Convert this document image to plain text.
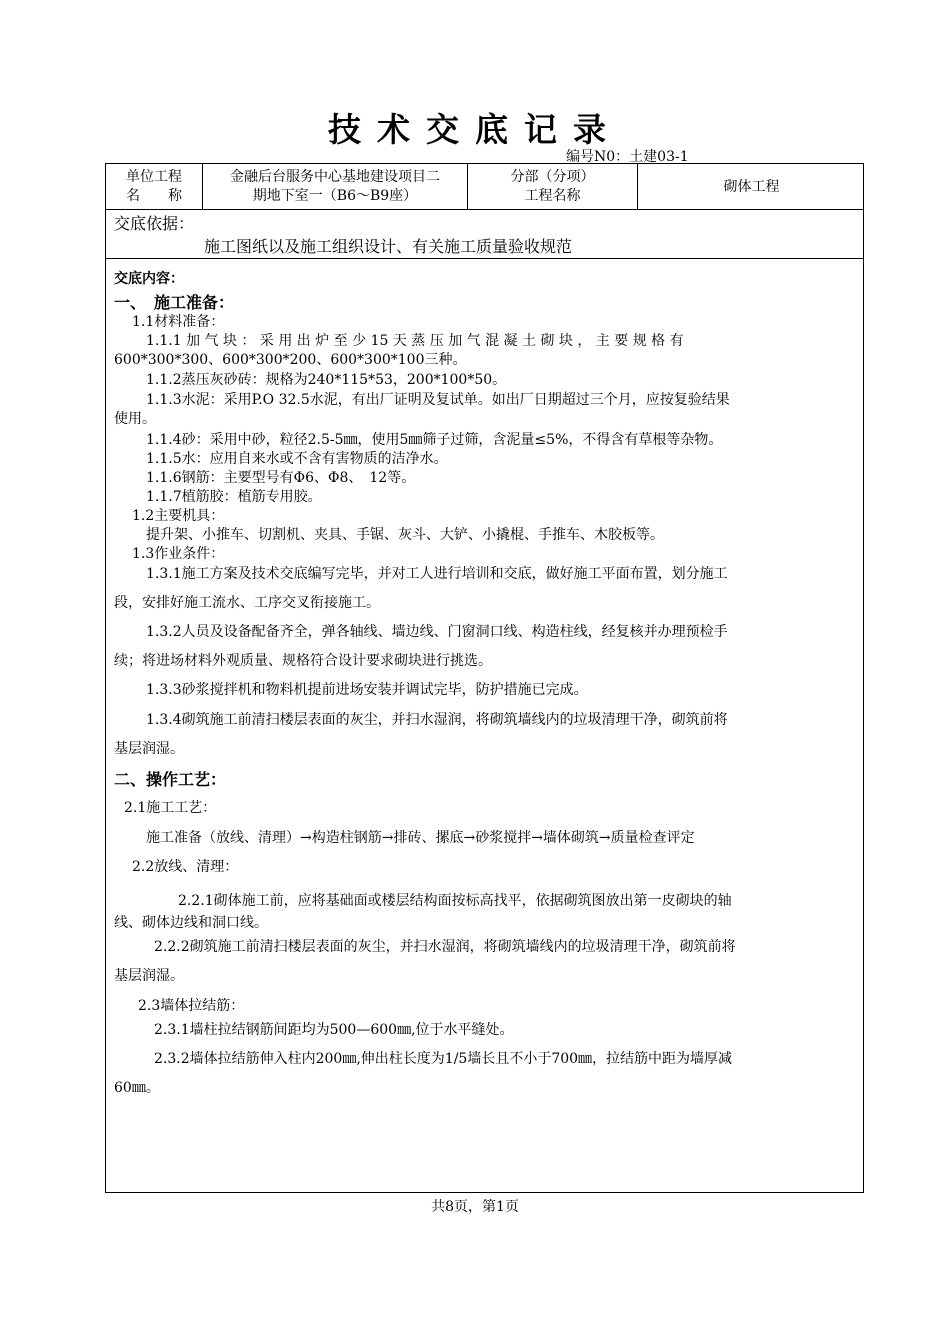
技术交底记录
编号N0：土建03-1
单位工程
名　　称
金融后台服务中心基地建设项目二
期地下室一（B6～B9座）
分部（分项）
工程名称
砌体工程
交底依据：
施工图纸以及施工组织设计、有关施工质量验收规范
交底内容：
一、　施工准备：
1.1材料准备：
1.1.1 加 气 块 ： 采 用 出 炉 至 少 15 天 蒸 压 加 气 混 凝 土 砌 块 ， 主 要 规 格 有
600*300*300、600*300*200、600*300*100三种。
1.1.2蒸压灰砂砖：规格为240*115*53，200*100*50。
1.1.3水泥：采用P.O 32.5水泥，有出厂证明及复试单。如出厂日期超过三个月，应按复验结果
使用。
1.1.4砂：采用中砂，粒径2.5-5㎜，使用5㎜筛子过筛，含泥量≤5%，不得含有草根等杂物。
1.1.5水：应用自来水或不含有害物质的洁净水。
1.1.6钢筋：主要型号有Φ6、Φ8、　12等。
1.1.7植筋胶：植筋专用胶。
1.2主要机具：
提升架、小推车、切割机、夹具、手锯、灰斗、大铲、小撬棍、手推车、木胶板等。
1.3作业条件：
1.3.1施工方案及技术交底编写完毕，并对工人进行培训和交底，做好施工平面布置，划分施工
段，安排好施工流水、工序交叉衔接施工。
1.3.2人员及设备配备齐全，弹各轴线、墙边线、门窗洞口线、构造柱线，经复核并办理预检手
续；将进场材料外观质量、规格符合设计要求砌块进行挑选。
1.3.3砂浆搅拌机和物料机提前进场安装并调试完毕，防护措施已完成。
1.3.4砌筑施工前清扫楼层表面的灰尘，并扫水湿润，将砌筑墙线内的垃圾清理干净，砌筑前将
基层润湿。
二、操作工艺：
2.1施工工艺：
施工准备（放线、清理）→构造柱钢筋→排砖、摞底→砂浆搅拌→墙体砌筑→质量检查评定
2.2放线、清理：
2.2.1砌体施工前，应将基础面或楼层结构面按标高找平，依据砌筑图放出第一皮砌块的轴
线、砌体边线和洞口线。
2.2.2砌筑施工前清扫楼层表面的灰尘，并扫水湿润，将砌筑墙线内的垃圾清理干净，砌筑前将
基层润湿。
2.3墙体拉结筋：
2.3.1墙柱拉结钢筋间距均为500—600㎜,位于水平缝处。
2.3.2墙体拉结筋伸入柱内200㎜,伸出柱长度为1/5墙长且不小于700㎜，拉结筋中距为墙厚减
60㎜。
共8页，第1页
